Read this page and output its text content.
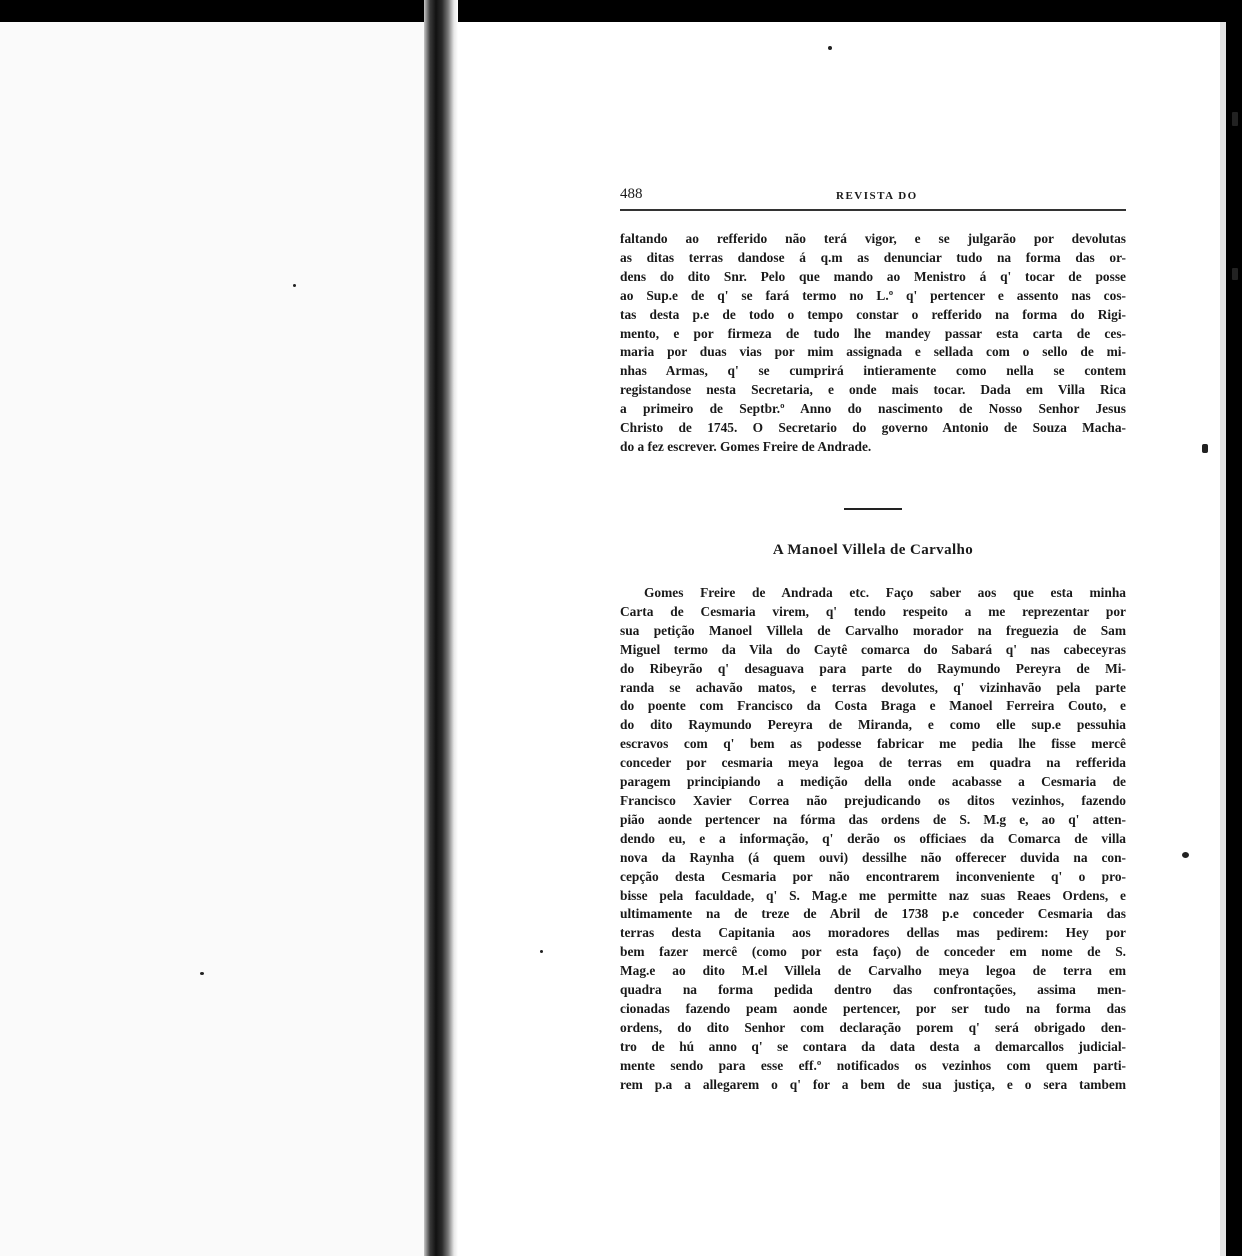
488	REVISTA DO
faltando ao refferido não terá vigor, e se julgarão por devolutas
as ditas terras dandose á q.m as denunciar tudo na forma das or-
dens do dito Snr. Pelo que mando ao Menistro á q' tocar de posse
ao Sup.e de q' se fará termo no L.º q' pertencer e assento nas cos-
tas desta p.e de todo o tempo constar o refferido na forma do Rigi-
mento, e por firmeza de tudo lhe mandey passar esta carta de ces-
maria por duas vias por mim assignada e sellada com o sello de mi-
nhas Armas, q' se cumprirá intieramente como nella se contem
registandose nesta Secretaria, e onde mais tocar. Dada em Villa Rica
a primeiro de Septbr.º Anno do nascimento de Nosso Senhor Jesus
Christo de 1745. O Secretario do governo Antonio de Souza Macha-
do a fez escrever. Gomes Freire de Andrade.
A Manoel Villela de Carvalho
Gomes Freire de Andrada etc. Faço saber aos que esta minha
Carta de Cesmaria virem, q' tendo respeito a me reprezentar por
sua petição Manoel Villela de Carvalho morador na freguezia de Sam
Miguel termo da Vila do Caytê comarca do Sabará q' nas cabeceyras
do Ribeyrão q' desaguava para parte do Raymundo Pereyra de Mi-
randa se achavão matos, e terras devolutes, q' vizinhavão pela parte
do poente com Francisco da Costa Braga e Manoel Ferreira Couto, e
do dito Raymundo Pereyra de Miranda, e como elle sup.e pessuhia
escravos com q' bem as podesse fabricar me pedia lhe fisse mercê
conceder por cesmaria meya legoa de terras em quadra na refferida
paragem principiando a medição della onde acabasse a Cesmaria de
Francisco Xavier Correa não prejudicando os ditos vezinhos, fazendo
pião aonde pertencer na fórma das ordens de S. M.g e, ao q' atten-
dendo eu, e a informação, q' derão os officiaes da Comarca de villa
nova da Raynha (á quem ouvi) dessilhe não offerecer duvida na con-
cepção desta Cesmaria por não encontrarem inconveniente q' o pro-
bisse pela faculdade, q' S. Mag.e me permitte naz suas Reaes Ordens, e
ultimamente na de treze de Abril de 1738 p.e conceder Cesmaria das
terras desta Capitania aos moradores dellas mas pedirem: Hey por
bem fazer mercê (como por esta faço) de conceder em nome de S.
Mag.e ao dito M.el Villela de Carvalho meya legoa de terra em
quadra na forma pedida dentro das confrontações, assima men-
cionadas fazendo peam aonde pertencer, por ser tudo na forma das
ordens, do dito Senhor com declaração porem q' será obrigado den-
tro de hú anno q' se contara da data desta a demarcallos judicial-
mente sendo para esse eff.º notificados os vezinhos com quem parti-
rem p.a a allegarem o q' for a bem de sua justiça, e o sera tambem
